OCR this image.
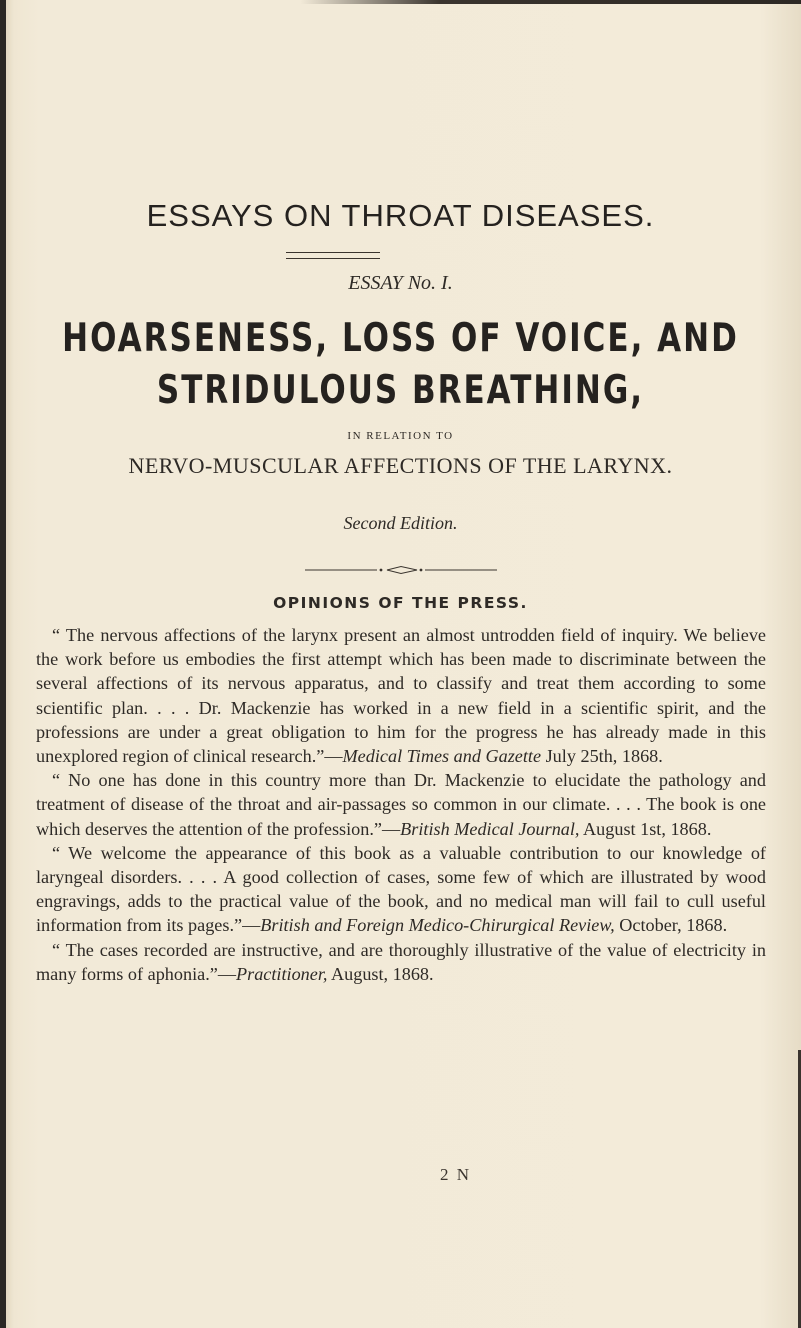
ESSAYS ON THROAT DISEASES.
ESSAY No. I.
HOARSENESS, LOSS OF VOICE, AND
STRIDULOUS BREATHING,
IN RELATION TO
NERVO-MUSCULAR AFFECTIONS OF THE LARYNX.
Second Edition.
OPINIONS OF THE PRESS.

“ The nervous affections of the larynx present an almost untrodden field of inquiry. We believe the work before us embodies the first attempt which has been made to discriminate between the several affections of its nervous apparatus, and to classify and treat them according to some scientific plan. . . . Dr. Mackenzie has worked in a new field in a scientific spirit, and the professions are under a great obligation to him for the progress he has already made in this unexplored region of clinical research.”—Medical Times and Gazette July 25th, 1868.

“ No one has done in this country more than Dr. Mackenzie to elucidate the pathology and treatment of disease of the throat and air-passages so common in our climate. . . . The book is one which deserves the attention of the profession.”—British Medical Journal, August 1st, 1868.

“ We welcome the appearance of this book as a valuable contribution to our knowledge of laryngeal disorders. . . . A good collection of cases, some few of which are illustrated by wood engravings, adds to the practical value of the book, and no medical man will fail to cull useful information from its pages.”—British and Foreign Medico-Chirurgical Review, October, 1868.

“ The cases recorded are instructive, and are thoroughly illustrative of the value of electricity in many forms of aphonia.”—Practitioner, August, 1868.

2 N
